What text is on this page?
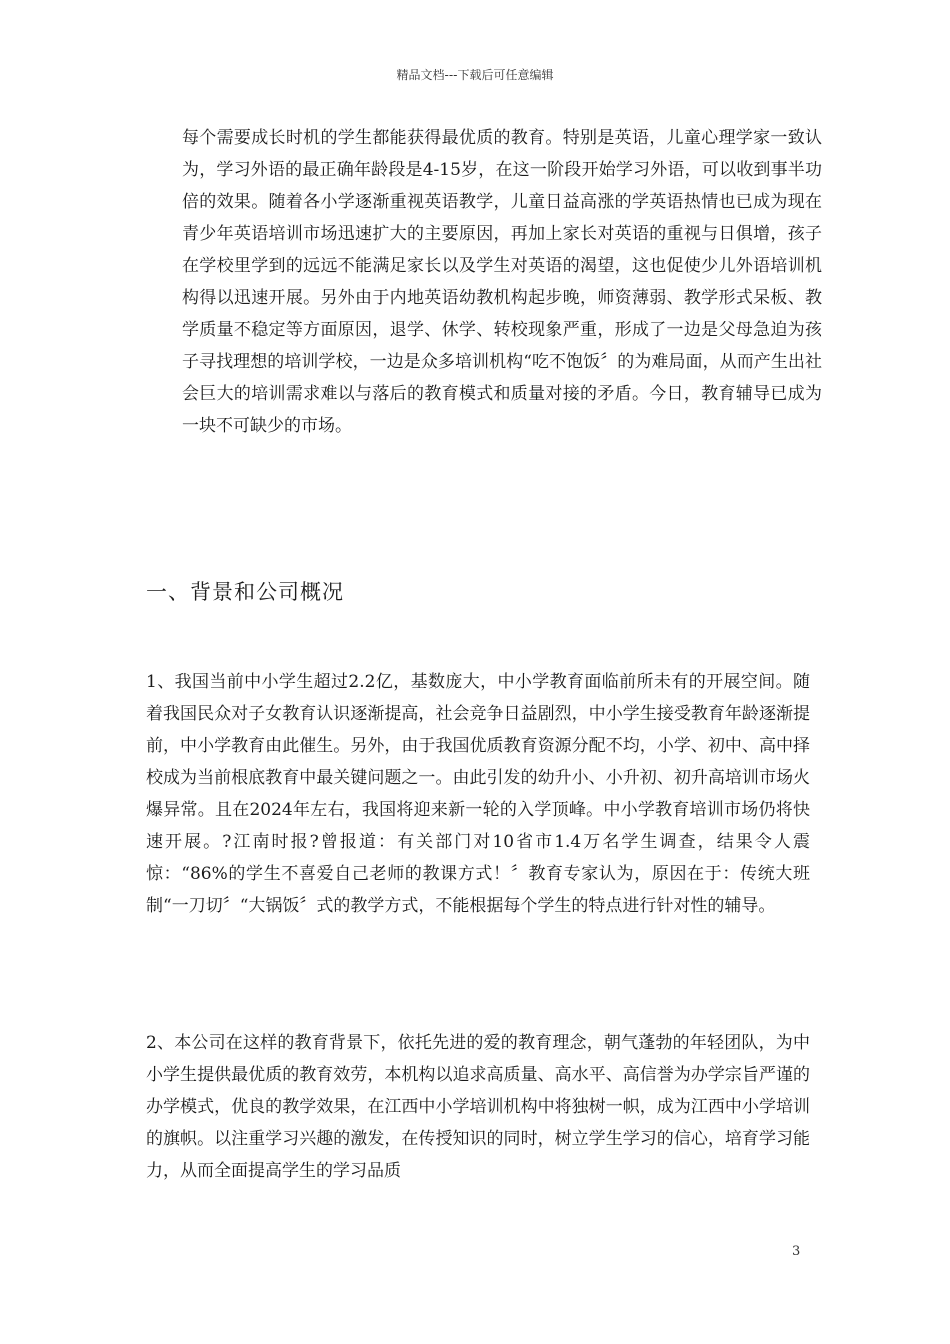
精品文档---下载后可任意编辑

每个需要成长时机的学生都能获得最优质的教育。特别是英语，儿童心理学家一致认为，学习外语的最正确年龄段是4-15岁，在这一阶段开始学习外语，可以收到事半功倍的效果。随着各小学逐渐重视英语教学，儿童日益高涨的学英语热情也已成为现在青少年英语培训市场迅速扩大的主要原因，再加上家长对英语的重视与日俱增，孩子在学校里学到的远远不能满足家长以及学生对英语的渴望，这也促使少儿外语培训机构得以迅速开展。另外由于内地英语幼教机构起步晚，师资薄弱、教学形式呆板、教学质量不稳定等方面原因，退学、休学、转校现象严重，形成了一边是父母急迫为孩子寻找理想的培训学校，一边是众多培训机构“吃不饱饭〞的为难局面，从而产生出社会巨大的培训需求难以与落后的教育模式和质量对接的矛盾。今日，教育辅导已成为一块不可缺少的市场。

一、背景和公司概况

1、我国当前中小学生超过2.2亿，基数庞大，中小学教育面临前所未有的开展空间。随着我国民众对子女教育认识逐渐提高，社会竞争日益剧烈，中小学生接受教育年龄逐渐提前，中小学教育由此催生。另外，由于我国优质教育资源分配不均，小学、初中、高中择校成为当前根底教育中最关键问题之一。由此引发的幼升小、小升初、初升高培训市场火爆异常。且在2024年左右，我国将迎来新一轮的入学顶峰。中小学教育培训市场仍将快速开展。?江南时报?曾报道：有关部门对10省市1.4万名学生调查，结果令人震惊：“86%的学生不喜爱自己老师的教课方式！〞教育专家认为，原因在于：传统大班制“一刀切〞“大锅饭〞式的教学方式，不能根据每个学生的特点进行针对性的辅导。

2、本公司在这样的教育背景下，依托先进的爱的教育理念，朝气蓬勃的年轻团队，为中小学生提供最优质的教育效劳，本机构以追求高质量、高水平、高信誉为办学宗旨严谨的办学模式，优良的教学效果，在江西中小学培训机构中将独树一帜，成为江西中小学培训的旗帜。以注重学习兴趣的激发，在传授知识的同时，树立学生学习的信心，培育学习能力，从而全面提高学生的学习品质

3
